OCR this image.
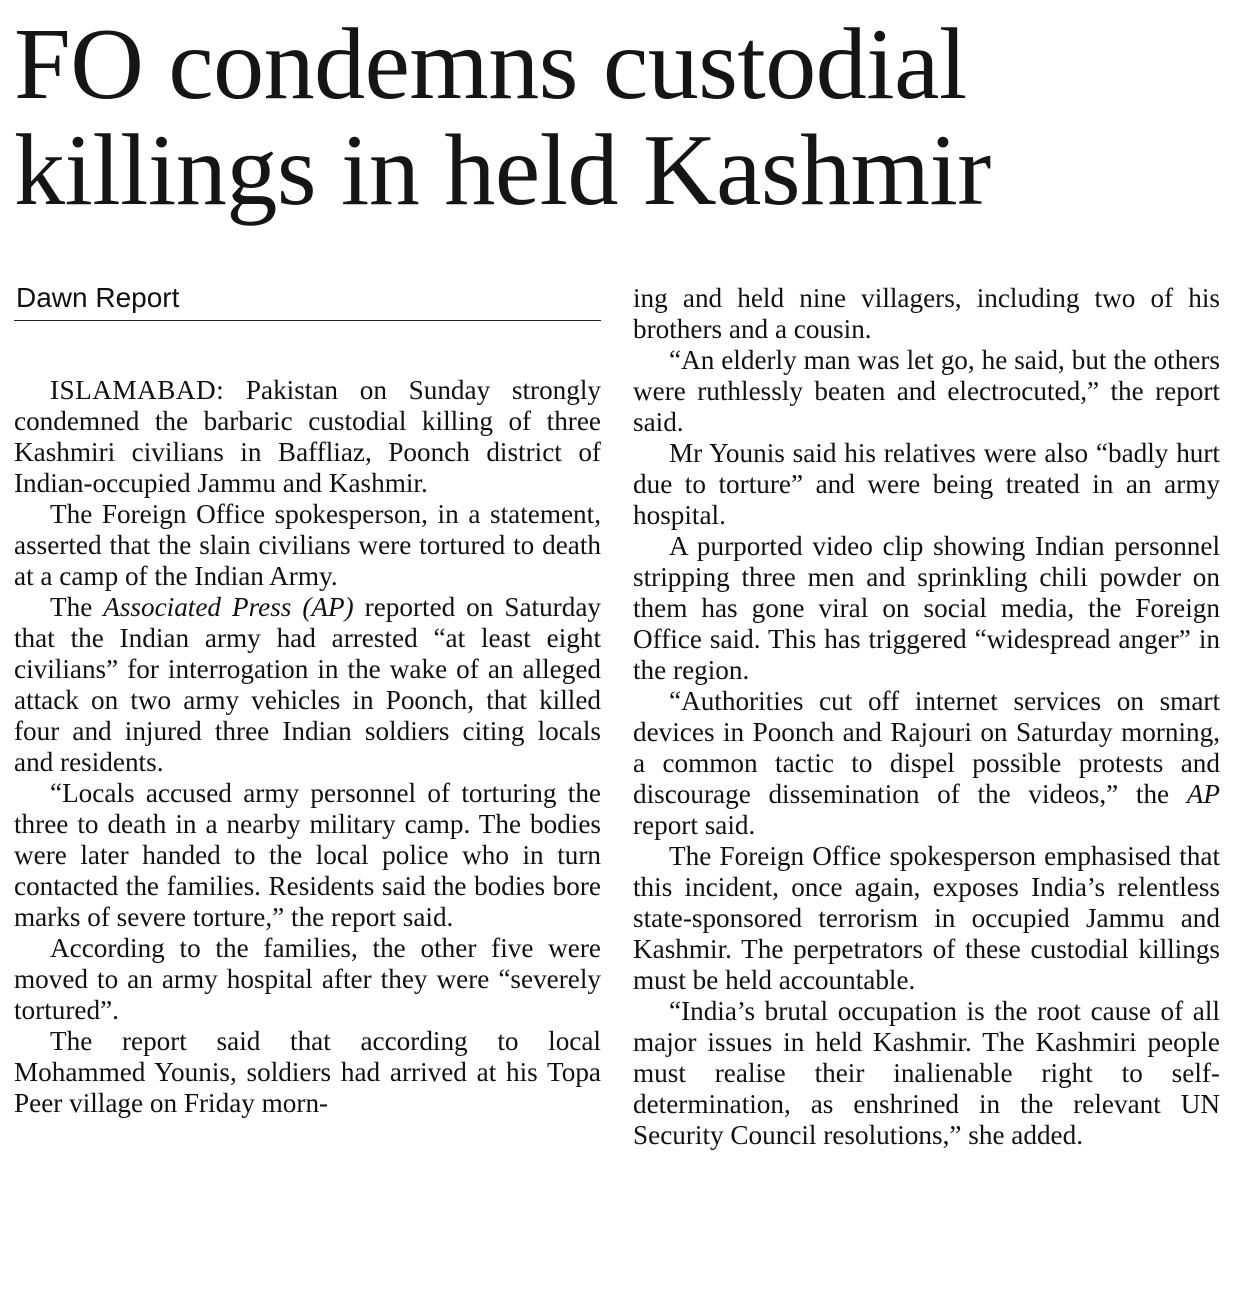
FO condemns custodial
killings in held Kashmir
Dawn Report

ISLAMABAD: Pakistan on Sunday strongly condemned the barbaric custodial killing of three Kashmiri civilians in Baffliaz, Poonch district of Indian-occupied Jammu and Kashmir.

The Foreign Office spokesperson, in a statement, asserted that the slain civilians were tortured to death at a camp of the Indian Army.

The Associated Press (AP) reported on Saturday that the Indian army had arrested “at least eight civilians” for interrogation in the wake of an alleged attack on two army vehicles in Poonch, that killed four and injured three Indian soldiers citing locals and residents.

“Locals accused army personnel of torturing the three to death in a nearby military camp. The bodies were later handed to the local police who in turn contacted the families. Residents said the bodies bore marks of severe torture,” the report said.

According to the families, the other five were moved to an army hospital after they were “severely tortured”.

The report said that according to local Mohammed Younis, soldiers had arrived at his Topa Peer village on Friday morn-

ing and held nine villagers, including two of his brothers and a cousin.

“An elderly man was let go, he said, but the others were ruthlessly beaten and electrocuted,” the report said.

Mr Younis said his relatives were also “badly hurt due to torture” and were being treated in an army hospital.

A purported video clip showing Indian personnel stripping three men and sprinkling chili powder on them has gone viral on social media, the Foreign Office said. This has triggered “widespread anger” in the region.

“Authorities cut off internet services on smart devices in Poonch and Rajouri on Saturday morning, a common tactic to dispel possible protests and discourage dissemination of the videos,” the AP report said.

The Foreign Office spokesperson emphasised that this incident, once again, exposes India’s relentless state-sponsored terrorism in occupied Jammu and Kashmir. The perpetrators of these custodial killings must be held accountable.

“India’s brutal occupation is the root cause of all major issues in held Kashmir. The Kashmiri people must realise their inalienable right to self-determination, as enshrined in the relevant UN Security Council resolutions,” she added.
